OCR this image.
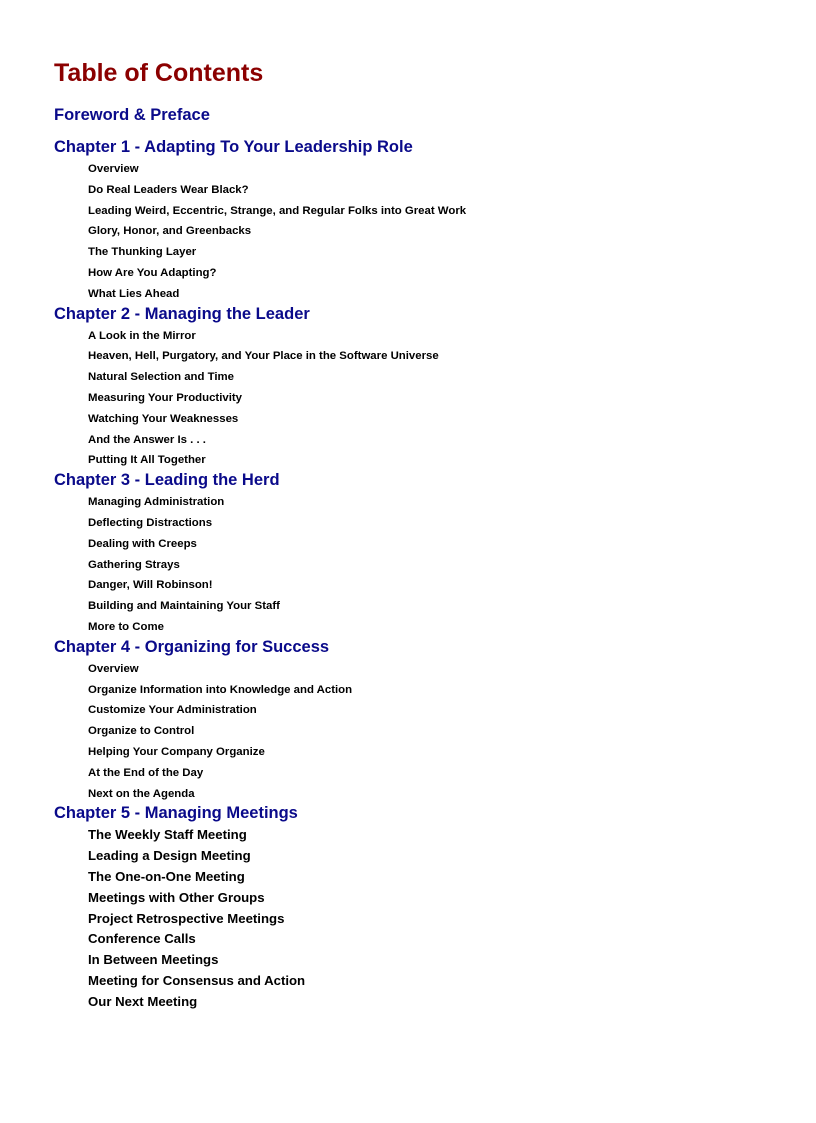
Table of Contents
Foreword & Preface
Chapter 1 - Adapting To Your Leadership Role
Overview
Do Real Leaders Wear Black?
Leading Weird, Eccentric, Strange, and Regular Folks into Great Work
Glory, Honor, and Greenbacks
The Thunking Layer
How Are You Adapting?
What Lies Ahead
Chapter 2 - Managing the Leader
A Look in the Mirror
Heaven, Hell, Purgatory, and Your Place in the Software Universe
Natural Selection and Time
Measuring Your Productivity
Watching Your Weaknesses
And the Answer Is . . .
Putting It All Together
Chapter 3 - Leading the Herd
Managing Administration
Deflecting Distractions
Dealing with Creeps
Gathering Strays
Danger, Will Robinson!
Building and Maintaining Your Staff
More to Come
Chapter 4 - Organizing for Success
Overview
Organize Information into Knowledge and Action
Customize Your Administration
Organize to Control
Helping Your Company Organize
At the End of the Day
Next on the Agenda
Chapter 5 - Managing Meetings
The Weekly Staff Meeting
Leading a Design Meeting
The One-on-One Meeting
Meetings with Other Groups
Project Retrospective Meetings
Conference Calls
In Between Meetings
Meeting for Consensus and Action
Our Next Meeting
